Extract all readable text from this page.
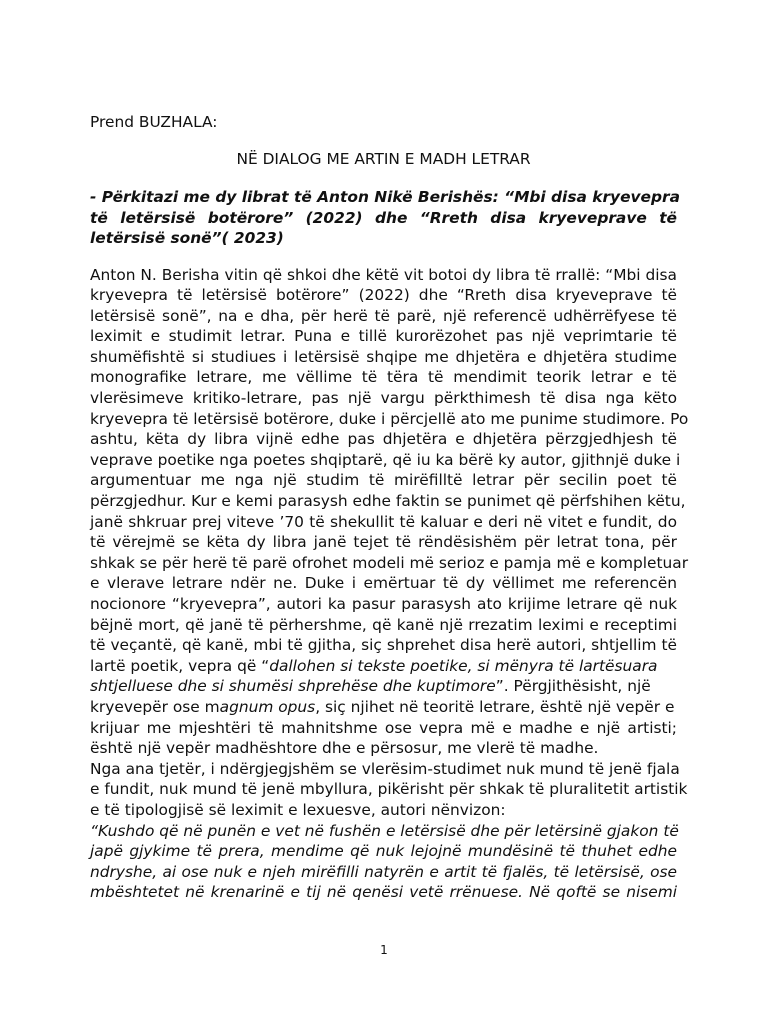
Prend BUZHALA:

NË DIALOG ME ARTIN E MADH LETRAR

- Përkitazi me dy librat të Anton Nikë Berishës: “Mbi disa kryevepra
të letërsisë botërore” (2022) dhe “Rreth disa kryeveprave të
letërsisë sonë”( 2023)

Anton N. Berisha vitin që shkoi dhe këtë vit botoi dy libra të rrallë: “Mbi disa
kryevepra të letërsisë botërore” (2022) dhe “Rreth disa kryeveprave të
letërsisë sonë”, na e dha, për herë të parë, një referencë udhërrëfyese të
leximit e studimit letrar. Puna e tillë kurorëzohet pas një veprimtarie të
shumëfishtë si studiues i letërsisë shqipe me dhjetëra e dhjetëra studime
monografike letrare, me vëllime të tëra të mendimit teorik letrar e të
vlerësimeve kritiko-letrare, pas një vargu përkthimesh të disa nga këto
kryevepra të letërsisë botërore, duke i përcjellë ato me punime studimore. Po
ashtu, këta dy libra vijnë edhe pas dhjetëra e dhjetëra përzgjedhjesh të
veprave poetike nga poetes shqiptarë, që iu ka bërë ky autor, gjithnjë duke i
argumentuar me nga një studim të mirëfilltë letrar për secilin poet të
përzgjedhur. Kur e kemi parasysh edhe faktin se punimet që përfshihen këtu,
janë shkruar prej viteve ’70 të shekullit të kaluar e deri në vitet e fundit, do
të vërejmë se këta dy libra janë tejet të rëndësishëm për letrat tona, për
shkak se për herë të parë ofrohet modeli më serioz e pamja më e kompletuar
e vlerave letrare ndër ne. Duke i emërtuar të dy vëllimet me referencën
nocionore “kryevepra”, autori ka pasur parasysh ato krijime letrare që nuk
bëjnë mort, që janë të përhershme, që kanë një rrezatim leximi e receptimi
të veçantë, që kanë, mbi të gjitha, siç shprehet disa herë autori, shtjellim të
lartë poetik, vepra që “dallohen si tekste poetike, si mënyra të lartësuara
shtjelluese dhe si shumësi shprehëse dhe kuptimore”. Përgjithësisht, një
kryevepër ose magnum opus, siç njihet në teoritë letrare, është një vepër e
krijuar me mjeshtëri të mahnitshme ose vepra më e madhe e një artisti;
është një vepër madhështore dhe e përsosur, me vlerë të madhe.

Nga ana tjetër, i ndërgjegjshëm se vlerësim-studimet nuk mund të jenë fjala
e fundit, nuk mund të jenë mbyllura, pikërisht për shkak të pluralitetit artistik
e të tipologjisë së leximit e lexuesve, autori nënvizon:

“Kushdo që në punën e vet në fushën e letërsisë dhe për letërsinë gjakon të
japë gjykime të prera, mendime që nuk lejojnë mundësinë të thuhet edhe
ndryshe, ai ose nuk e njeh mirëfilli natyrën e artit të fjalës, të letërsisë, ose
mbështetet në krenarinë e tij në qenësi vetë rrënuese. Në qoftë se nisemi

1
